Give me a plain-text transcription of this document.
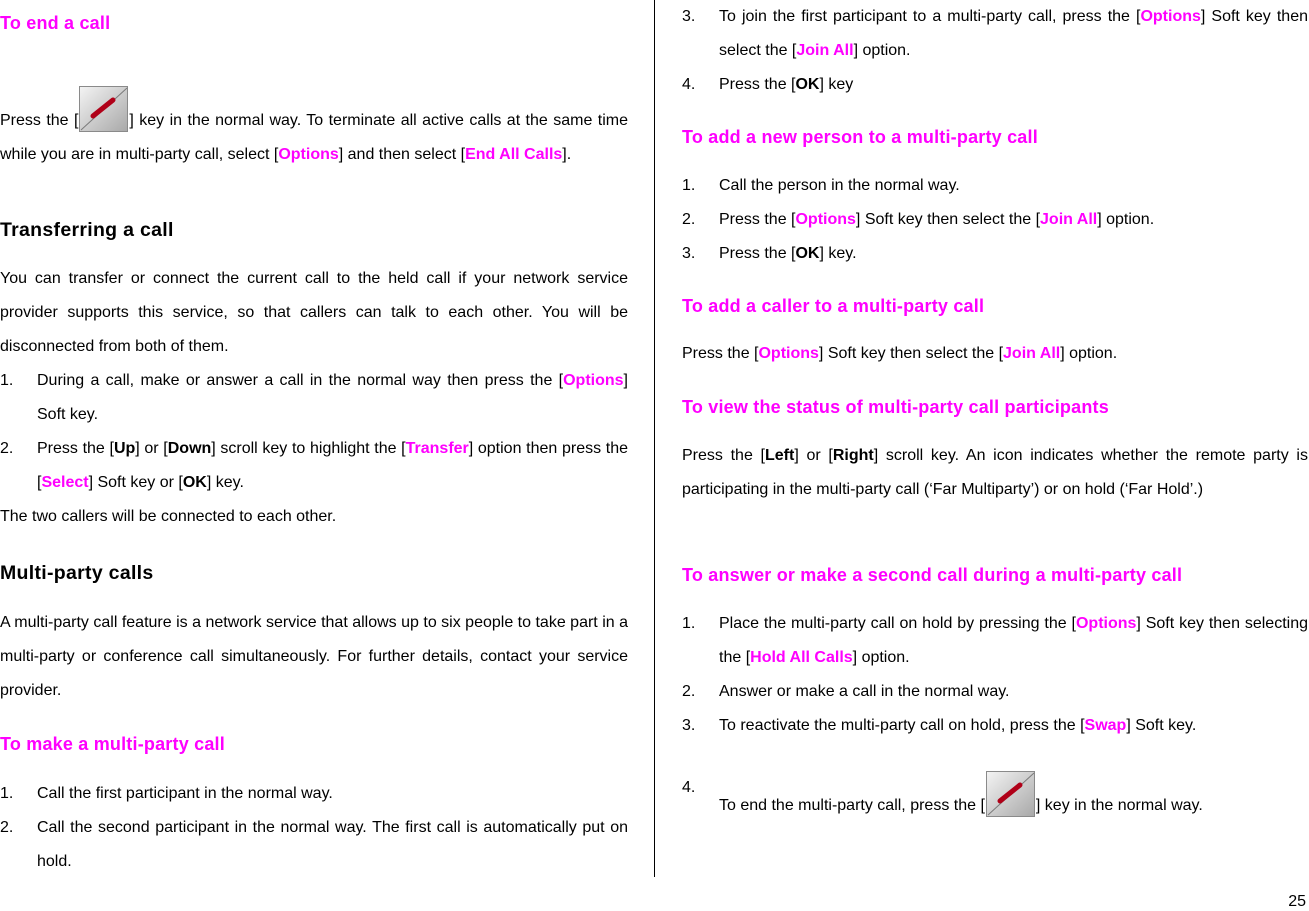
To end a call
Press the [	] key in the normal way. To terminate all active calls at the same time while you are in multi-party call, select [Options] and then select [End All Calls].
Transferring a call
You can transfer or connect the current call to the held call if your network service provider supports this service, so that callers can talk to each other. You will be disconnected from both of them.
1. During a call, make or answer a call in the normal way then press the [Options] Soft key.
2. Press the [Up] or [Down] scroll key to highlight the [Transfer] option then press the [Select] Soft key or [OK] key.
The two callers will be connected to each other.
Multi-party calls
A multi-party call feature is a network service that allows up to six people to take part in a multi-party or conference call simultaneously. For further details, contact your service provider.
To make a multi-party call
1. Call the first participant in the normal way.
2. Call the second participant in the normal way. The first call is automatically put on hold.
3. To join the first participant to a multi-party call, press the [Options] Soft key then select the [Join All] option.
4. Press the [OK] key
To add a new person to a multi-party call
1. Call the person in the normal way.
2. Press the [Options] Soft key then select the [Join All] option.
3. Press the [OK] key.
To add a caller to a multi-party call
Press the [Options] Soft key then select the [Join All] option.
To view the status of multi-party call participants
Press the [Left] or [Right] scroll key. An icon indicates whether the remote party is participating in the multi-party call (‘Far Multiparty’) or on hold (‘Far Hold’.)
To answer or make a second call during a multi-party call
1. Place the multi-party call on hold by pressing the [Options] Soft key then selecting the [Hold All Calls] option.
2. Answer or make a call in the normal way.
3. To reactivate the multi-party call on hold, press the [Swap] Soft key.
4.
To end the multi-party call, press the [	] key in the normal way.
25
